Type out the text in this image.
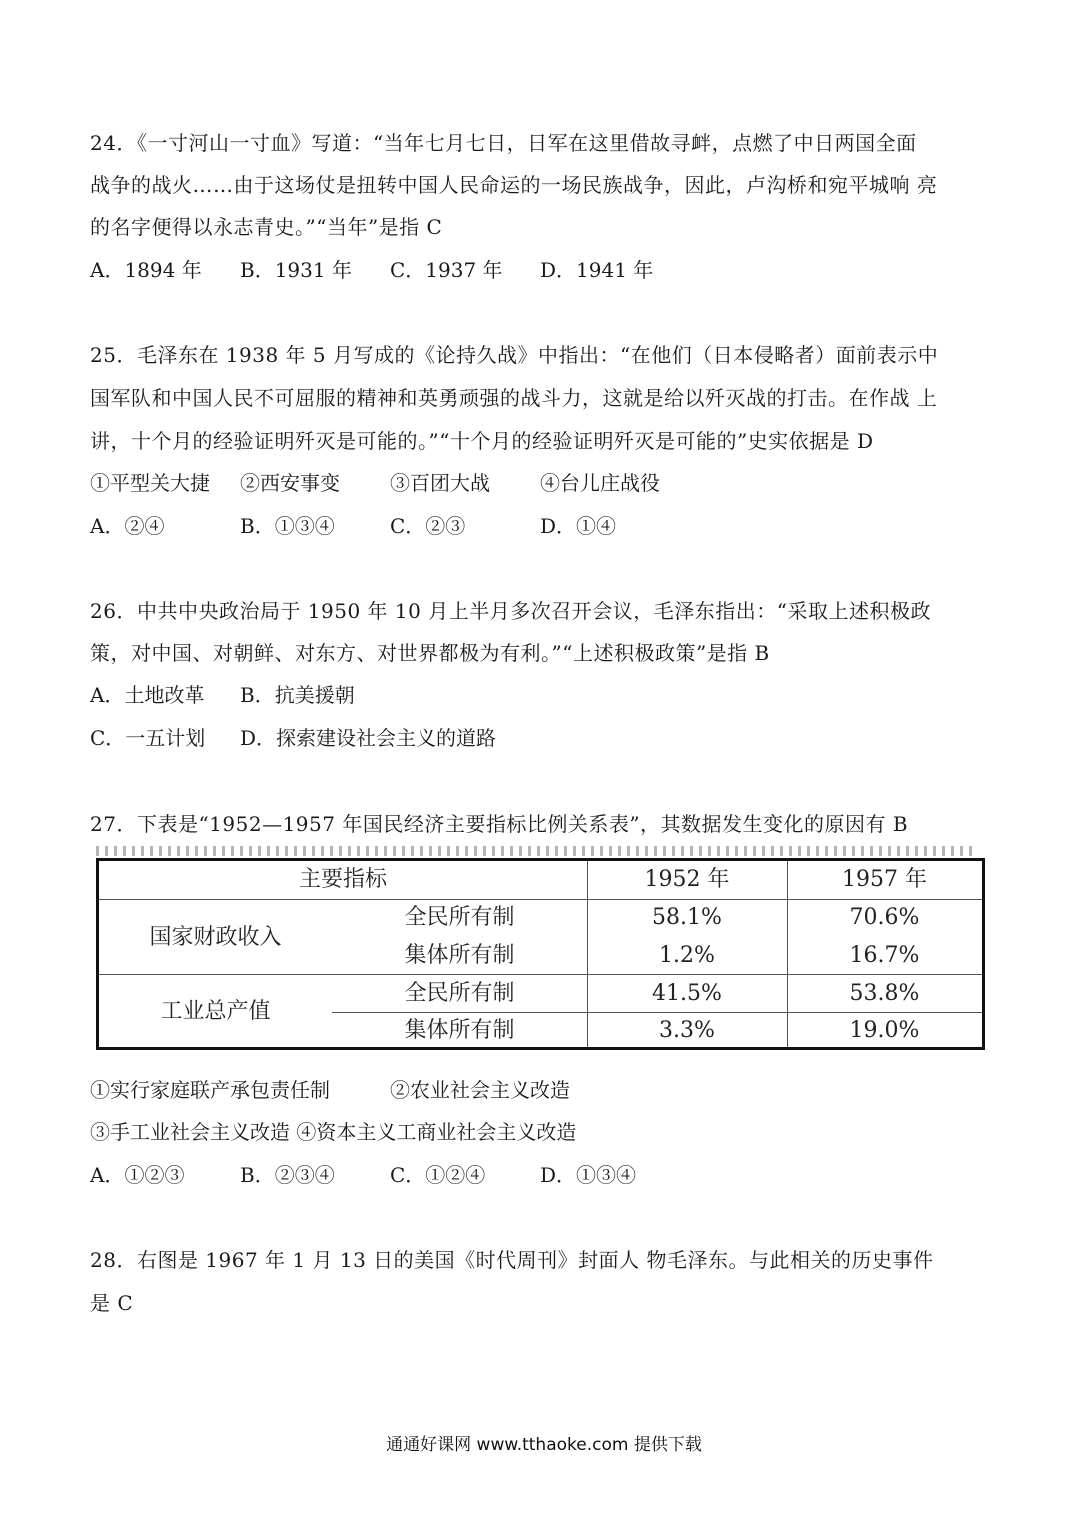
24．《一寸河山一寸血》写道：“当年七月七日，日军在这里借故寻衅，点燃了中日两国全面
战争的战火……由于这场仗是扭转中国人民命运的一场民族战争，因此，卢沟桥和宛平城响 亮
的名字便得以永志青史。”“当年”是指 C
A．1894 年 B．1931 年 C．1937 年 D．1941 年
25．毛泽东在 1938 年 5 月写成的《论持久战》中指出：“在他们（日本侵略者）面前表示中
国军队和中国人民不可屈服的精神和英勇顽强的战斗力，这就是给以歼灭战的打击。在作战 上
讲，十个月的经验证明歼灭是可能的。”“十个月的经验证明歼灭是可能的”史实依据是 D
①平型关大捷 ②西安事变	③百团大战	④台儿庄战役
A．②④	B．①③④	C．②③	D．①④
26．中共中央政治局于 1950 年 10 月上半月多次召开会议，毛泽东指出：“采取上述积极政
策，对中国、对朝鲜、对东方、对世界都极为有利。”“上述积极政策”是指 B
A．土地改革 B．抗美援朝
C．一五计划 D．探索建设社会主义的道路
27．下表是“1952—1957 年国民经济主要指标比例关系表”，其数据发生变化的原因有 B
主要指标	1952 年	1957 年
国家财政收入
全民所有制	58.1%	70.6%
集体所有制	1.2%	16.7%
工业总产值
全民所有制	41.5%	53.8%
集体所有制	3.3%	19.0%
①实行家庭联产承包责任制	②农业社会主义改造
③手工业社会主义改造 ④资本主义工商业社会主义改造
A．①②③	B．②③④	C．①②④	D．①③④
28．右图是 1967 年 1 月 13 日的美国《时代周刊》封面人 物毛泽东。与此相关的历史事件
是 C
通通好课网 www.tthaoke.com 提供下载
